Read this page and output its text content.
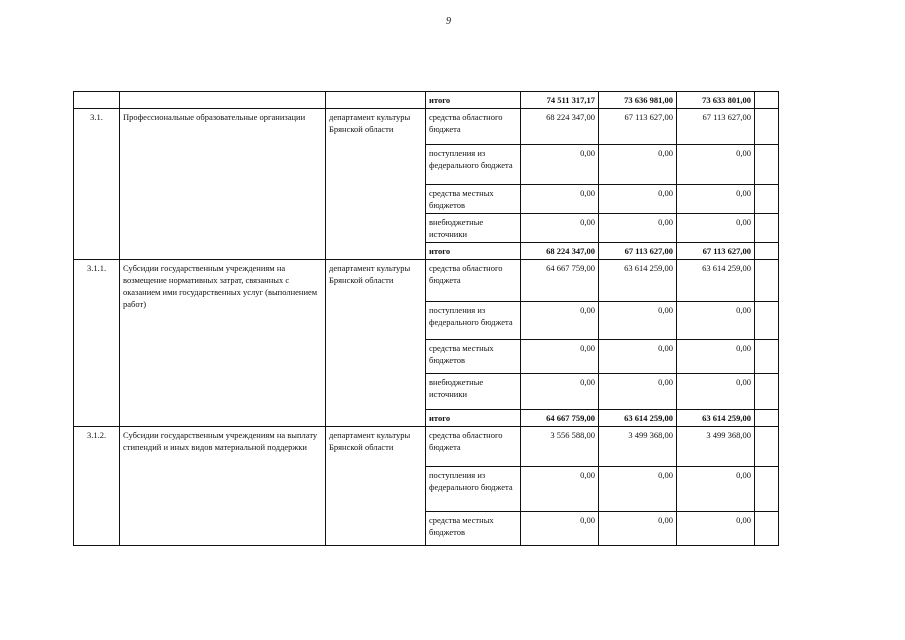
9
			итого	74 511 317,17	73 636 981,00	73 633 801,00	
3.1.	Профессиональные образовательные организации	департамент культуры Брянской области	средства областного бюджета	68 224 347,00	67 113 627,00	67 113 627,00	
			поступления из федерального бюджета	0,00	0,00	0,00	
			средства местных бюджетов	0,00	0,00	0,00	
			внебюджетные источники	0,00	0,00	0,00	
			итого	68 224 347,00	67 113 627,00	67 113 627,00	
3.1.1.	Субсидии государственным учреждениям на возмещение нормативных затрат, связанных с оказанием ими государственных услуг (выполнением работ)	департамент культуры Брянской области	средства областного бюджета	64 667 759,00	63 614 259,00	63 614 259,00	
			поступления из федерального бюджета	0,00	0,00	0,00	
			средства местных бюджетов	0,00	0,00	0,00	
			внебюджетные источники	0,00	0,00	0,00	
			итого	64 667 759,00	63 614 259,00	63 614 259,00	
3.1.2.	Субсидии государственным учреждениям на выплату стипендий и иных видов материальной поддержки	департамент культуры Брянской области	средства областного бюджета	3 556 588,00	3 499 368,00	3 499 368,00	
			поступления из федерального бюджета	0,00	0,00	0,00	
			средства местных бюджетов	0,00	0,00	0,00	
